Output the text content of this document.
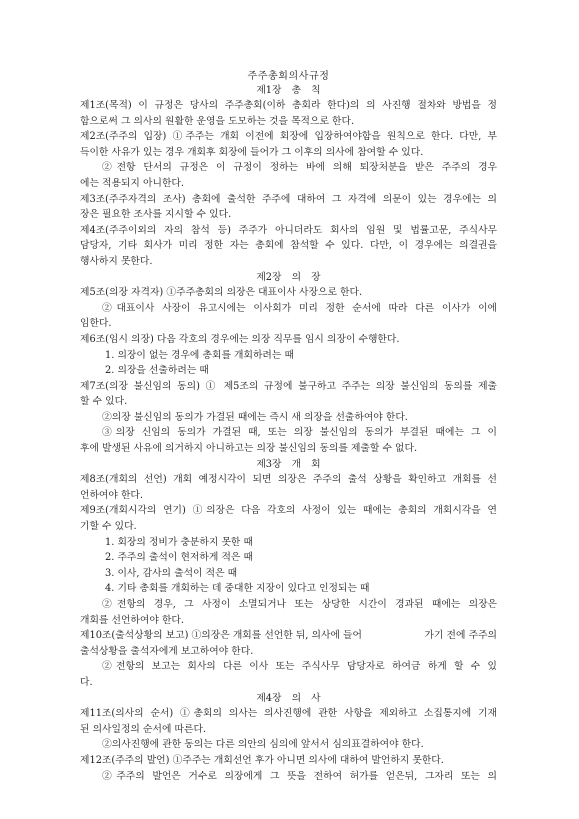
주주총회의사규정
제1장 총 칙
제1조(목적) 이 규정은 당사의 주주총회(이하 총회라 한다)의 의 사진행 절차와 방법을 정
함으로써 그 의사의 원활한 운영을 도모하는 것을 목적으로 한다.
제2조(주주의 입장) ①주주는 개회 이전에 회장에 입장하여야함을 원칙으로 한다. 다만, 부
득이한 사유가 있는 경우 개회후 회장에 들어가 그 이후의 의사에 참여할 수 있다.
②전항 단서의 규정은 이 규정이 정하는 바에 의해 퇴장처분을 받은 주주의 경우
에는 적용되지 아니한다.
제3조(주주자격의 조사) 총회에 출석한 주주에 대하여 그 자격에 의문이 있는 경우에는 의
장은 필요한 조사를 지시할 수 있다.
제4조(주주이외의 자의 참석 등) 주주가 아니더라도 회사의 임원 및 법률고문, 주식사무
담당자, 기타 회사가 미리 정한 자는 총회에 참석할 수 있다. 다만, 이 경우에는 의결권을
행사하지 못한다.
제2장 의 장
제5조(의장 자격자) ①주주총회의 의장은 대표이사 사장으로 한다.
②대표이사 사장이 유고시에는 이사회가 미리 정한 순서에 따라 다른 이사가 이에
임한다.
제6조(임시 의장) 다음 각호의 경우에는 의장 직무를 임시 의장이 수행한다.
1. 의장이 없는 경우에 총회를 개회하려는 때
2. 의장을 선출하려는 때
제7조(의장 불신임의 동의) ① 제5조의 규정에 불구하고 주주는 의장 불신임의 동의를 제출
할 수 있다.
②의장 불신임의 동의가 가결된 때에는 즉시 새 의장을 선출하여야 한다.
③의장 신임의 동의가 가결된 때, 또는 의장 불신임의 동의가 부결된 때에는 그 이
후에 발생된 사유에 의거하지 아니하고는 의장 불신임의 동의를 제출할 수 없다.
제3장 개 회
제8조(개회의 선언) 개회 예정시각이 되면 의장은 주주의 출석 상황을 확인하고 개회를 선
언하여야 한다.
제9조(개회시각의 연기) ①의장은 다음 각호의 사정이 있는 때에는 총회의 개회시각을 연
기할 수 있다.
1. 회장의 정비가 충분하지 못한 때
2. 주주의 출석이 현저하게 적은 때
3. 이사, 감사의 출석이 적은 때
4. 기타 총회를 개회하는 데 중대한 지장이 있다고 인정되는 때
②전항의 경우, 그 사정이 소멸되거나 또는 상당한 시간이 경과된 때에는 의장은
개회를 선언하여야 한다.
제10조(출석상황의 보고) ①의장은 개회를 선언한 뒤, 의사에 들어	가기 전에 주주의
출석상황을 출석자에게 보고하여야 한다.
②전항의 보고는 회사의 다른 이사 또는 주식사무 담당자로 하여금 하게 할 수 있
다.
제4장 의 사
제11조(의사의 순서) ①총회의 의사는 의사진행에 관한 사항을 제외하고 소집통지에 기재
된 의사일정의 순서에 따른다.
②의사진행에 관한 동의는 다른 의안의 심의에 앞서서 심의표결하여야 한다.
제12조(주주의 발언) ①주주는 개회선언 후가 아니면 의사에 대하여 발언하지 못한다.
②주주의 발언은 거수로 의장에게 그 뜻을 전하여 허가를 얻은뒤, 그자리 또는 의
